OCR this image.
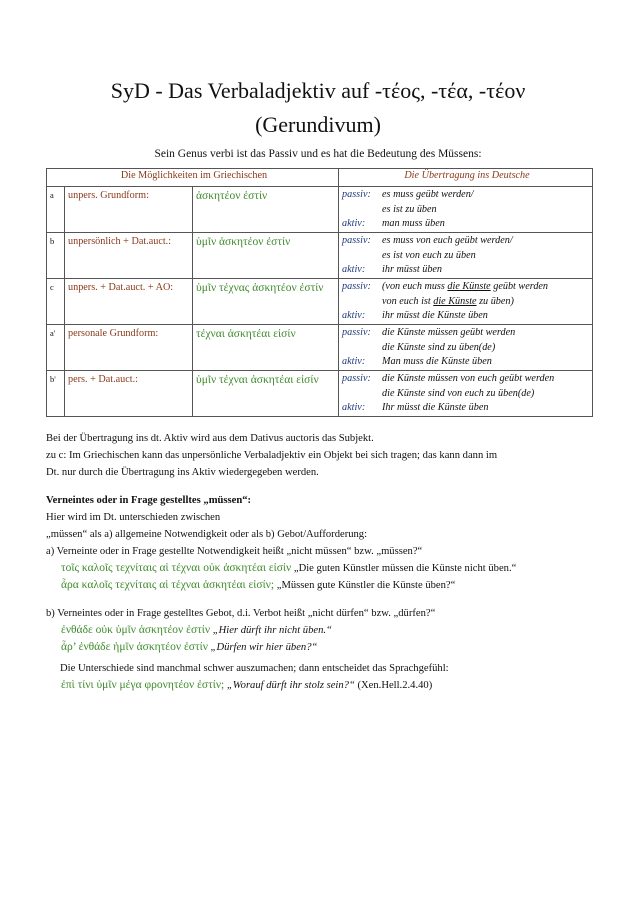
SyD - Das Verbaladjektiv auf -τέος, -τέα, -τέον
(Gerundivum)
Sein Genus verbi ist das Passiv und es hat die Bedeutung des Müssens:
Die Möglichkeiten im Griechischen			Die Übertragung ins Deutsche
a	unpers. Grundform:	ἀσκητέον ἐστίν	passiv: es muss geübt werden/
es ist zu üben
aktiv: man muss üben

b	unpersönlich + Dat.auct.:	ὑμῖν ἀσκητέον ἐστίν	passiv: es muss von euch geübt werden/
es ist von euch zu üben
aktiv: ihr müsst üben

c	unpers. + Dat.auct. + AO:	ὑμῖν τέχνας ἀσκητέον ἐστίν	passiv: (von euch muss die Künste geübt werden
von euch ist die Künste zu üben)
aktiv: ihr müsst die Künste üben

a'	personale Grundform:	τέχναι ἀσκητέαι εἰσίν	passiv: die Künste müssen geübt werden
die Künste sind zu üben(de)
aktiv: Man muss die Künste üben

b'	pers. + Dat.auct.:	ὑμῖν τέχναι ἀσκητέαι εἰσίν	passiv: die Künste müssen von euch geübt werden
die Künste sind von euch zu üben(de)
aktiv: Ihr müsst die Künste üben
Bei der Übertragung ins dt. Aktiv wird aus dem Dativus auctoris das Subjekt.
zu c: Im Griechischen kann das unpersönliche Verbaladjektiv ein Objekt bei sich tragen; das kann dann im
Dt. nur durch die Übertragung ins Aktiv wiedergegeben werden.
Verneintes oder in Frage gestelltes „müssen“:
Hier wird im Dt. unterschieden zwischen
„müssen“ als a) allgemeine Notwendigkeit oder als b) Gebot/Aufforderung:
a) Verneinte oder in Frage gestellte Notwendigkeit heißt „nicht müssen“ bzw. „müssen?“
τοῖς καλοῖς τεχνίταις αἱ τέχναι οὐκ ἀσκητέαι εἰσίν „Die guten Künstler müssen die Künste nicht üben.“
ἆρα καλοῖς τεχνίταις αἱ τέχναι ἀσκητέαι εἰσίν; „Müssen gute Künstler die Künste üben?“
b) Verneintes oder in Frage gestelltes Gebot, d.i. Verbot heißt „nicht dürfen“ bzw. „dürfen?“
ἐνθάδε οὐκ ὑμῖν ἀσκητέον ἐστίν „Hier dürft ihr nicht üben.“
ἆρ’ ἐνθάδε ἡμῖν ἀσκητέον ἐστίν „Dürfen wir hier üben?“
Die Unterschiede sind manchmal schwer auszumachen; dann entscheidet das Sprachgefühl:
ἐπὶ τίνι ὑμῖν μέγα φρονητέον ἐστίν; „Worauf dürft ihr stolz sein?“ (Xen.Hell.2.4.40)
